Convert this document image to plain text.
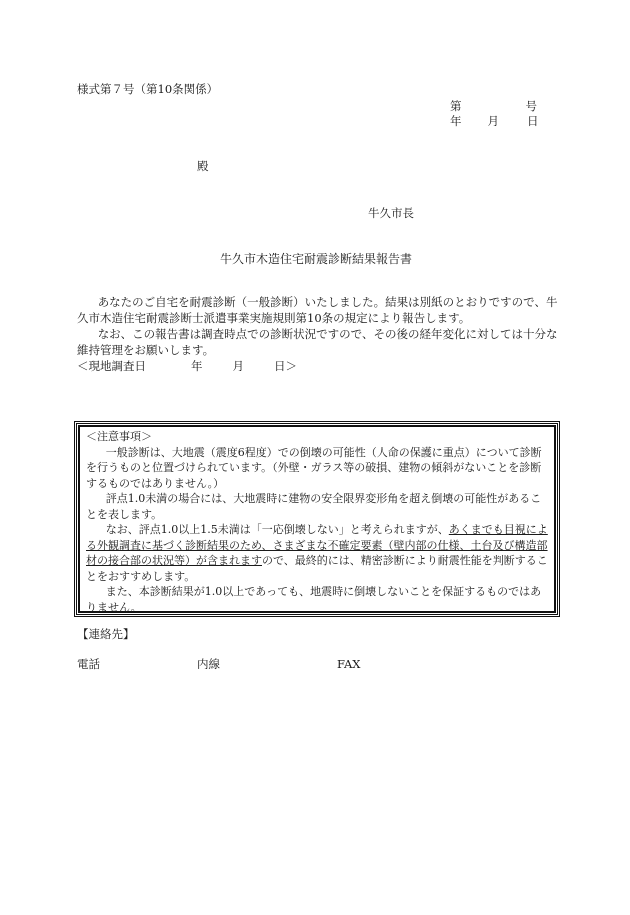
様式第７号（第10条関係）
第	号
年 月 日
殿
牛久市長
牛久市木造住宅耐震診断結果報告書

あなたのご自宅を耐震診断（一般診断）いたしました。結果は別紙のとおりですので、牛久市木造住宅耐震診断士派遣事業実施規則第10条の規定により報告します。

なお、この報告書は調査時点での診断状況ですので、その後の経年変化に対しては十分な維持管理をお願いします。

＜現地調査日	年	月	日＞

＜注意事項＞

一般診断は、大地震（震度6程度）での倒壊の可能性（人命の保護に重点）について診断を行うものと位置づけられています。（外壁・ガラス等の破損、建物の傾斜がないことを診断するものではありません。）

評点1.0未満の場合には、大地震時に建物の安全限界変形角を超え倒壊の可能性があることを表します。

なお、評点1.0以上1.5未満は「一応倒壊しない」と考えられますが、あくまでも目視による外観調査に基づく診断結果のため、さまざまな不確定要素（壁内部の仕様、土台及び構造部材の接合部の状況等）が含まれますので、最終的には、精密診断により耐震性能を判断することをおすすめします。

また、本診断結果が1.0以上であっても、地震時に倒壊しないことを保証するものではありません。

【連絡先】
電話	内線	FAX
